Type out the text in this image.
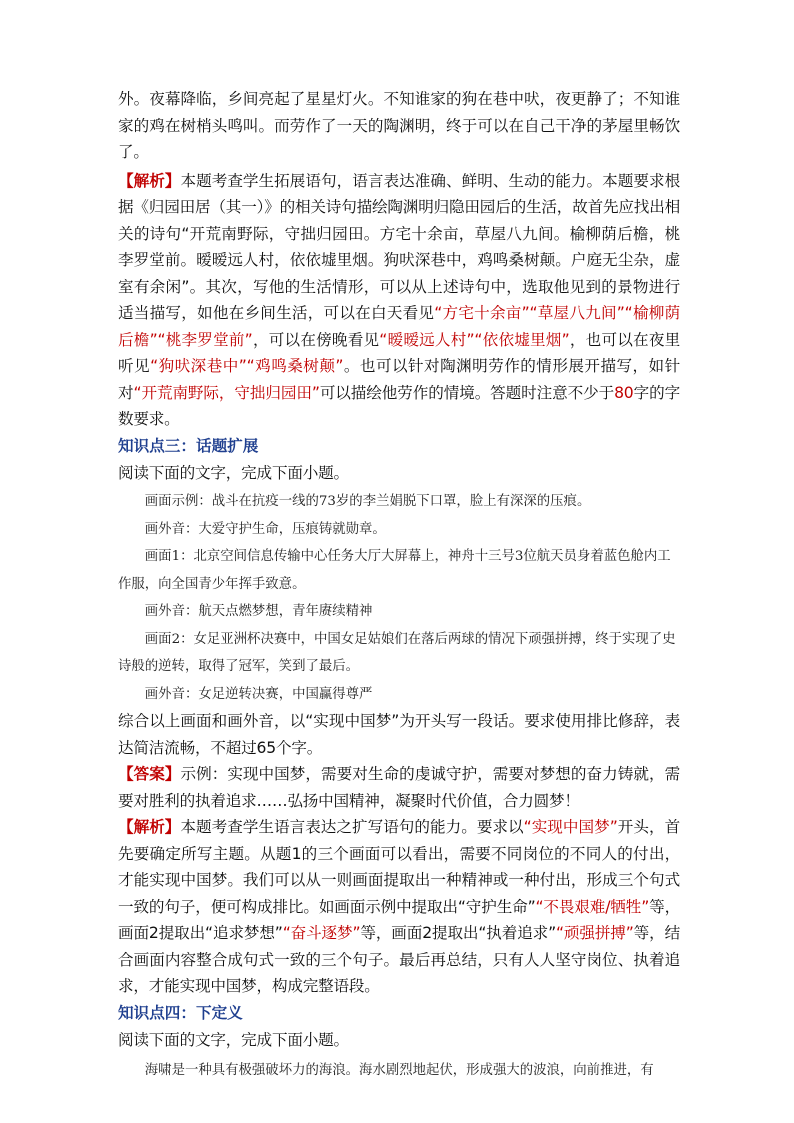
外。夜幕降临，乡间亮起了星星灯火。不知谁家的狗在巷中吠，夜更静了；不知谁家的鸡在树梢头鸣叫。而劳作了一天的陶渊明，终于可以在自己干净的茅屋里畅饮了。

【解析】本题考查学生拓展语句，语言表达准确、鲜明、生动的能力。本题要求根据《归园田居（其一）》的相关诗句描绘陶渊明归隐田园后的生活，故首先应找出相关的诗句“开荒南野际，守拙归园田。方宅十余亩，草屋八九间。榆柳荫后檐，桃李罗堂前。暧暧远人村，依依墟里烟。狗吠深巷中，鸡鸣桑树颠。户庭无尘杂，虚室有余闲”。其次，写他的生活情形，可以从上述诗句中，选取他见到的景物进行适当描写，如他在乡间生活，可以在白天看见“方宅十余亩”“草屋八九间”“榆柳荫后檐”“桃李罗堂前”，可以在傍晚看见“暧暧远人村”“依依墟里烟”，也可以在夜里听见“狗吠深巷中”“鸡鸣桑树颠”。也可以针对陶渊明劳作的情形展开描写，如针对“开荒南野际，守拙归园田”可以描绘他劳作的情境。答题时注意不少于80字的字数要求。

知识点三：话题扩展

阅读下面的文字，完成下面小题。

画面示例：战斗在抗疫一线的73岁的李兰娟脱下口罩，脸上有深深的压痕。

画外音：大爱守护生命，压痕铸就勋章。

画面1：北京空间信息传输中心任务大厅大屏幕上，神舟十三号3位航天员身着蓝色舱内工作服，向全国青少年挥手致意。

画外音：航天点燃梦想，青年赓续精神

画面2：女足亚洲杯决赛中，中国女足姑娘们在落后两球的情况下顽强拼搏，终于实现了史诗般的逆转，取得了冠军，笑到了最后。

画外音：女足逆转决赛，中国赢得尊严

综合以上画面和画外音，以“实现中国梦”为开头写一段话。要求使用排比修辞，表达简洁流畅，不超过65个字。

【答案】示例：实现中国梦，需要对生命的虔诚守护，需要对梦想的奋力铸就，需要对胜利的执着追求……弘扬中国精神，凝聚时代价值，合力圆梦！

【解析】本题考查学生语言表达之扩写语句的能力。要求以“实现中国梦”开头，首先要确定所写主题。从题1的三个画面可以看出，需要不同岗位的不同人的付出，才能实现中国梦。我们可以从一则画面提取出一种精神或一种付出，形成三个句式一致的句子，便可构成排比。如画面示例中提取出“守护生命”“不畏艰难/牺牲”等，画面2提取出“追求梦想”“奋斗逐梦”等，画面2提取出“执着追求”“顽强拼搏”等，结合画面内容整合成句式一致的三个句子。最后再总结，只有人人坚守岗位、执着追求，才能实现中国梦，构成完整语段。

知识点四：下定义

阅读下面的文字，完成下面小题。

海啸是一种具有极强破坏力的海浪。海水剧烈地起伏，形成强大的波浪，向前推进，有
